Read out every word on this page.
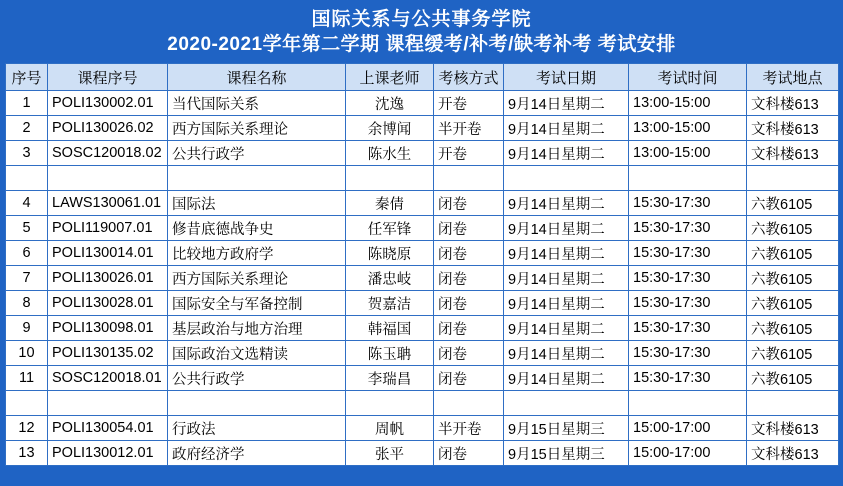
国际关系与公共事务学院
2020-2021学年第二学期 课程缓考/补考/缺考补考 考试安排
序号	课程序号	课程名称	上课老师	考核方式	考试日期	考试时间	考试地点
1	POLI130002.01	当代国际关系	沈逸	开卷	9月14日星期二	13:00-15:00	文科楼613
2	POLI130026.02	西方国际关系理论	余博闻	半开卷	9月14日星期二	13:00-15:00	文科楼613
3	SOSC120018.02	公共行政学	陈水生	开卷	9月14日星期二	13:00-15:00	文科楼613

4	LAWS130061.01	国际法	秦倩	闭卷	9月14日星期二	15:30-17:30	六教6105
5	POLI119007.01	修昔底德战争史	任军锋	闭卷	9月14日星期二	15:30-17:30	六教6105
6	POLI130014.01	比较地方政府学	陈晓原	闭卷	9月14日星期二	15:30-17:30	六教6105
7	POLI130026.01	西方国际关系理论	潘忠岐	闭卷	9月14日星期二	15:30-17:30	六教6105
8	POLI130028.01	国际安全与军备控制	贺嘉洁	闭卷	9月14日星期二	15:30-17:30	六教6105
9	POLI130098.01	基层政治与地方治理	韩福国	闭卷	9月14日星期二	15:30-17:30	六教6105
10	POLI130135.02	国际政治文选精读	陈玉聃	闭卷	9月14日星期二	15:30-17:30	六教6105
11	SOSC120018.01	公共行政学	李瑞昌	闭卷	9月14日星期二	15:30-17:30	六教6105

12	POLI130054.01	行政法	周帆	半开卷	9月15日星期三	15:00-17:00	文科楼613
13	POLI130012.01	政府经济学	张平	闭卷	9月15日星期三	15:00-17:00	文科楼613
